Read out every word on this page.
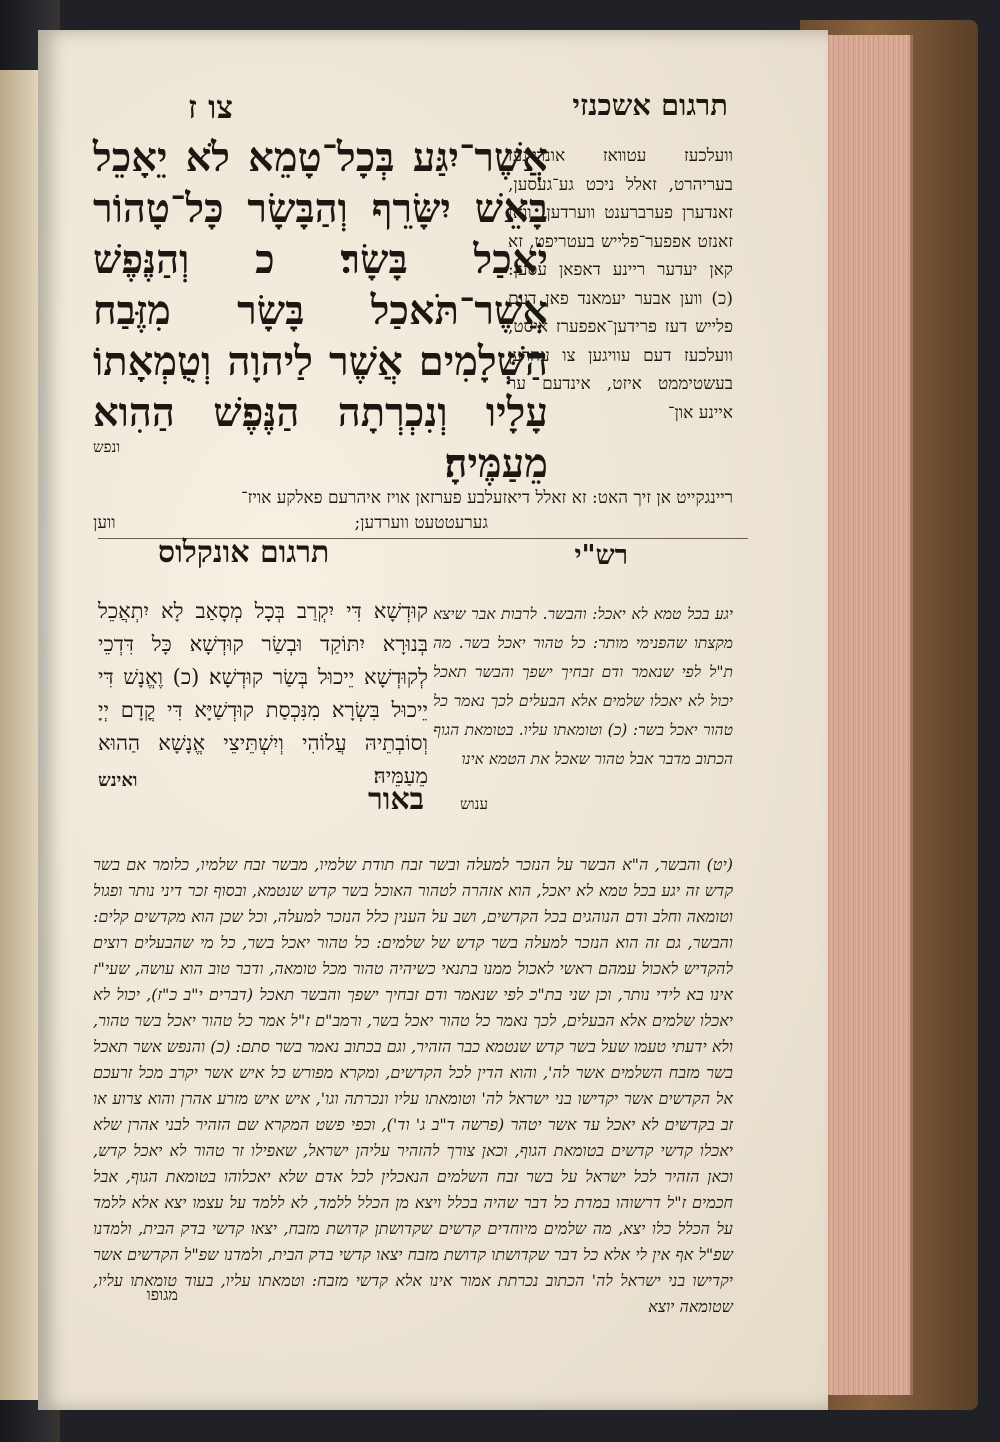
תרגום אשכנזי
צו ז
וועלכעז עטוואז אונריינעז בעריהרט, זאלל ניכט גע־געסען, זאנדערן פערברענט ווערדען: וואז זאנזט אפפער־פלייש בעטריפט, זא קאן יעדער ריינע דאפאן עסען: (כ) ווען אבער יעמאנד פאן דעם פלייש דעז פרידען־אפפערז איסט, וועלכעז דעם עוויגען צו עהרען בעשטיממט איזט, אינדעם ער איינע און־
אֲשֶׁר־יִגַּע בְּכָל־טָמֵא לֹא יֵאָכֵל בָּאֵשׁ יִשָּׂרֵף וְהַבָּשָׂר כָּל־טָהוֹר יֹאכַל בָּשָׂר׃ כ וְהַנֶּפֶשׁ אֲשֶׁר־תֹּאכַל בָּשָׂר מִזֶּבַח הַשְּׁלָמִים אֲשֶׁר לַיהוָה וְטֻמְאָתוֹ עָלָיו וְנִכְרְתָה הַנֶּפֶשׁ הַהִוא מֵעַמֶּיהָ׃
ונפש
ריינגקייט אן זיך האט: זא זאלל דיאזעלבע פערזאן אויז איהרעם פאלקע אויז־
ווען	גערעטטעט ווערדען;
תרגום אונקלוס	רש"י
קוּדְשָׁא דִּי יִקְרַב בְּכָל מְסָאַב לָא יִתְאֲכֵל בְּנוּרָא יִתּוֹקַד וּבְשַׂר קוּדְשָׁא כָּל דִּדְכֵי לְקוּדְשָׁא יֵיכוּל בְּשַׂר קוּדְשָׁא׃ (כ) וֶאֱנָשׁ דִּי יֵיכוּל בִּשְׂרָא מִנִּכְסַת קוּדְשַׁיָּא דִּי קֳדָם יְיָ וְסוֹבְתֵיהּ עֲלוֹהִי וְיִשְׁתֵּיצֵי אֱנָשָׁא הַהוּא מֵעַמֵּיהּ׃
ואינש
יגע בכל טמא לא יאכל: והבשר. לרבות אבר שיצא מקצתו שהפנימי מותר: כל טהור יאכל בשר. מה ת"ל לפי שנאמר ודם זבחיך ישפך והבשר תאכל יכול לא יאכלו שלמים אלא הבעלים לכך נאמר כל טהור יאכל בשר: (כ) וטומאתו עליו. בטומאת הגוף הכתוב מדבר אבל טהור שאכל את הטמא אינו
ענוש
באור
(יט) והבשר, ה"א הבשר על הנזכר למעלה ובשר זבח תודת שלמיו, מבשר זבח שלמיו, כלומר אם בשר קדש זה יגע בכל טמא לא יאכל, הוא אזהרה לטהור האוכל בשר קדש שנטמא, ובסוף זכר דיני נותר ופגול וטומאה וחלב ודם הנוהגים בכל הקדשים, ושב על הענין כלל הנזכר למעלה, וכל שכן הוא מקדשים קלים: והבשר, גם זה הוא הנזכר למעלה בשר קדש של שלמים: כל טהור יאכל בשר, כל מי שהבעלים רוצים להקדיש לאכול עמהם ראשי לאכול ממנו בתנאי כשיהיה טהור מכל טומאה, ודבר טוב הוא עושה, שעי"ז אינו בא לידי נותר, וכן שני בת"כ לפי שנאמר ודם זבחיך ישפך והבשר תאכל (דברים י"ב כ"ז), יכול לא יאכלו שלמים אלא הבעלים, לכך נאמר כל טהור יאכל בשר, ורמב"ם ז"ל אמר כל טהור יאכל בשר טהור, ולא ידעתי טעמו שעל בשר קדש שנטמא כבר הזהיר, וגם בכתוב נאמר בשר סתם: (כ) והנפש אשר תאכל בשר מזבח השלמים אשר לה', והוא הדין לכל הקדשים, ומקרא מפורש כל איש אשר יקרב מכל זרעכם אל הקדשים אשר יקדישו בני ישראל לה' וטומאתו עליו ונכרתה וגו', איש איש מזרע אהרן והוא צרוע או זב בקדשים לא יאכל עד אשר יטהר (פרשה ד"ב ג' וד'), וכפי פשט המקרא שם הזהיר לבני אהרן שלא יאכלו קדשי קדשים בטומאת הגוף, וכאן צורך להזהיר עליהן ישראל, שאפילו זר טהור לא יאכל קדש, וכאן הזהיר לכל ישראל על בשר זבח השלמים הנאכלין לכל אדם שלא יאכלוהו בטומאת הגוף, אבל חכמים ז"ל דרשוהו במדת כל דבר שהיה בכלל ויצא מן הכלל ללמד, לא ללמד על עצמו יצא אלא ללמד על הכלל כלו יצא, מה שלמים מיוחדים קדשים שקדושתן קדושת מזבח, יצאו קדשי בדק הבית, ולמדנו שפ"ל אף אין לי אלא כל דבר שקדושתו קדושת מזבח יצאו קדשי בדק הבית, ולמדנו שפ"ל הקדשים אשר יקדישו בני ישראל לה' הכתוב נכרתת אמור אינו אלא קדשי מזבח: וטמאתו עליו, בעוד טומאתו עליו, שטומאה יוצא
מגופו
